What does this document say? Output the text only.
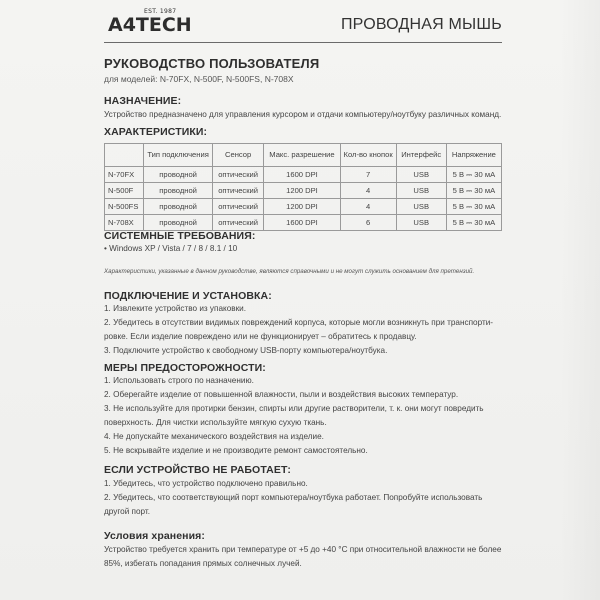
A4TECH
EST. 1987
ПРОВОДНАЯ МЫШЬ
РУКОВОДСТВО ПОЛЬЗОВАТЕЛЯ
для моделей: N-70FX, N-500F, N-500FS, N-708X
НАЗНАЧЕНИЕ:
Устройство предназначено для управления курсором и отдачи компьютеру/ноутбуку различных команд.
ХАРАКТЕРИСТИКИ:
	Тип подключения	Сенсор	Макс. разрешение	Кол-во кнопок	Интерфейс	Напряжение
N-70FX	проводной	оптический	1600 DPI	7	USB	5 В ⎓ 30 мА
N-500F	проводной	оптический	1200 DPI	4	USB	5 В ⎓ 30 мА
N-500FS	проводной	оптический	1200 DPI	4	USB	5 В ⎓ 30 мА
N-708X	проводной	оптический	1600 DPI	6	USB	5 В ⎓ 30 мА
СИСТЕМНЫЕ ТРЕБОВАНИЯ:
• Windows XP / Vista / 7 / 8 / 8.1 / 10
Характеристики, указанные в данном руководстве, являются справочными и не могут служить основанием для претензий.
ПОДКЛЮЧЕНИЕ И УСТАНОВКА:
1. Извлеките устройство из упаковки.
2. Убедитесь в отсутствии видимых повреждений корпуса, которые могли возникнуть при транспорти-
ровке. Если изделие повреждено или не функционирует – обратитесь к продавцу.
3. Подключите устройство к свободному USB-порту компьютера/ноутбука.
МЕРЫ ПРЕДОСТОРОЖНОСТИ:
1. Использовать строго по назначению.
2. Оберегайте изделие от повышенной влажности, пыли и воздействия высоких температур.
3. Не используйте для протирки бензин, спирты или другие растворители, т. к. они могут повредить
поверхность. Для чистки используйте мягкую сухую ткань.
4. Не допускайте механического воздействия на изделие.
5. Не вскрывайте изделие и не производите ремонт самостоятельно.
ЕСЛИ УСТРОЙСТВО НЕ РАБОТАЕТ:
1. Убедитесь, что устройство подключено правильно.
2. Убедитесь, что соответствующий порт компьютера/ноутбука работает. Попробуйте использовать
другой порт.
Условия хранения:
Устройство требуется хранить при температуре от +5 до +40 °С при относительной влажности не более
85%, избегать попадания прямых солнечных лучей.
